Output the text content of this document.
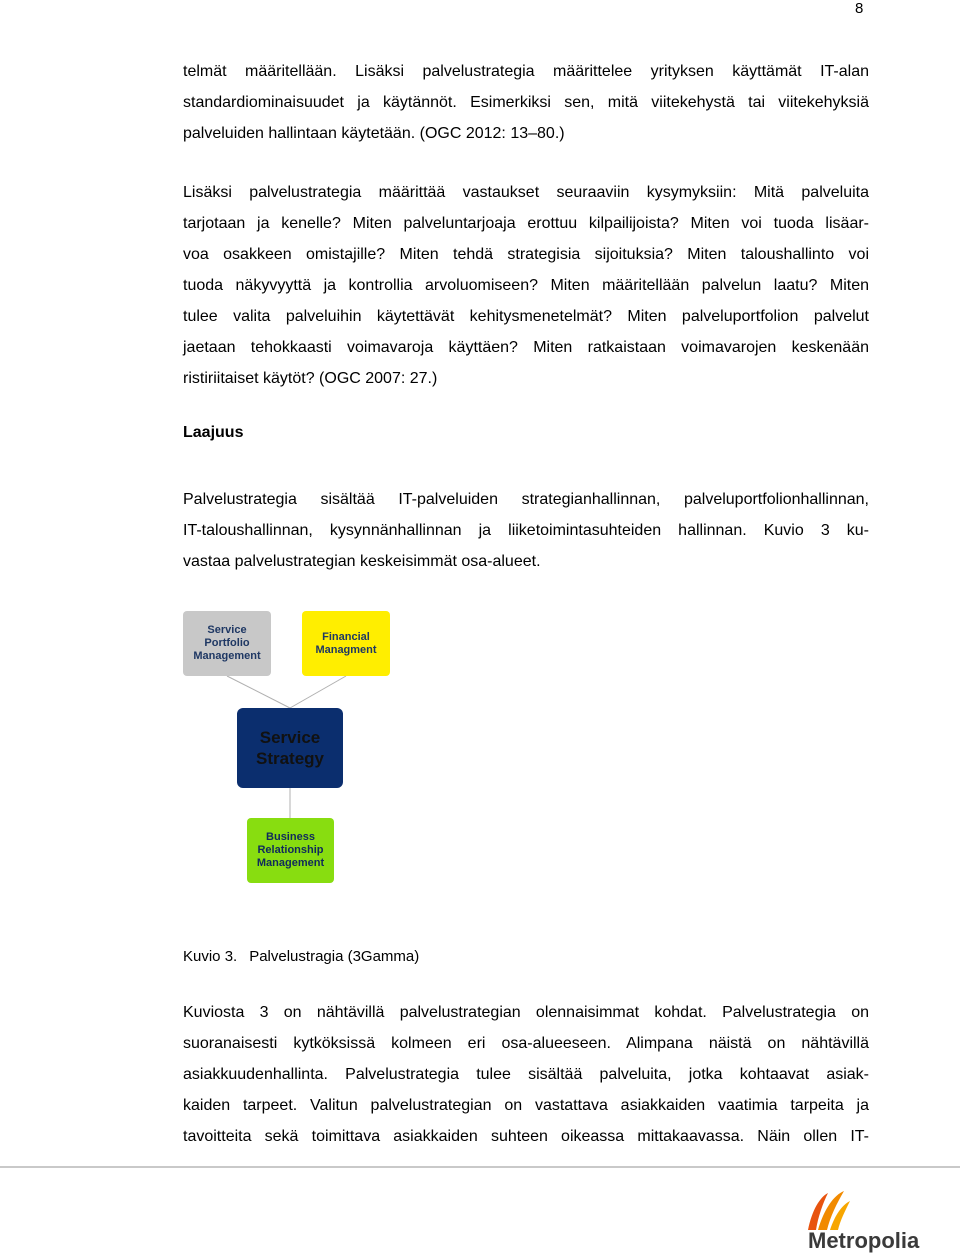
8
telmät määritellään. Lisäksi palvelustrategia määrittelee yrityksen käyttämät IT-alan
standardiominaisuudet ja käytännöt. Esimerkiksi sen, mitä viitekehystä tai viitekehyksiä
palveluiden hallintaan käytetään. (OGC 2012: 13–80.)
Lisäksi palvelustrategia määrittää vastaukset seuraaviin kysymyksiin: Mitä palveluita
tarjotaan ja kenelle? Miten palveluntarjoaja erottuu kilpailijoista? Miten voi tuoda lisäar-
voa osakkeen omistajille? Miten tehdä strategisia sijoituksia? Miten taloushallinto voi
tuoda näkyvyyttä ja kontrollia arvoluomiseen? Miten määritellään palvelun laatu? Miten
tulee valita palveluihin käytettävät kehitysmenetelmät? Miten palveluportfolion palvelut
jaetaan tehokkaasti voimavaroja käyttäen? Miten ratkaistaan voimavarojen keskenään
ristiriitaiset käytöt? (OGC 2007: 27.)
Laajuus
Palvelustrategia sisältää IT-palveluiden strategianhallinnan, palveluportfolionhallinnan,
IT-taloushallinnan, kysynnänhallinnan ja liiketoimintasuhteiden hallinnan. Kuvio 3 ku-
vastaa palvelustrategian keskeisimmät osa-alueet.
Service
Portfolio
Management
Financial
Managment
Service
Strategy
Business
Relationship
Management
Kuvio 3. Palvelustragia (3Gamma)
Kuviosta 3 on nähtävillä palvelustrategian olennaisimmat kohdat. Palvelustrategia on
suoranaisesti kytköksissä kolmeen eri osa-alueeseen. Alimpana näistä on nähtävillä
asiakkuudenhallinta. Palvelustrategia tulee sisältää palveluita, jotka kohtaavat asiak-
kaiden tarpeet. Valitun palvelustrategian on vastattava asiakkaiden vaatimia tarpeita ja
tavoitteita sekä toimittava asiakkaiden suhteen oikeassa mittakaavassa. Näin ollen IT-
Metropolia
